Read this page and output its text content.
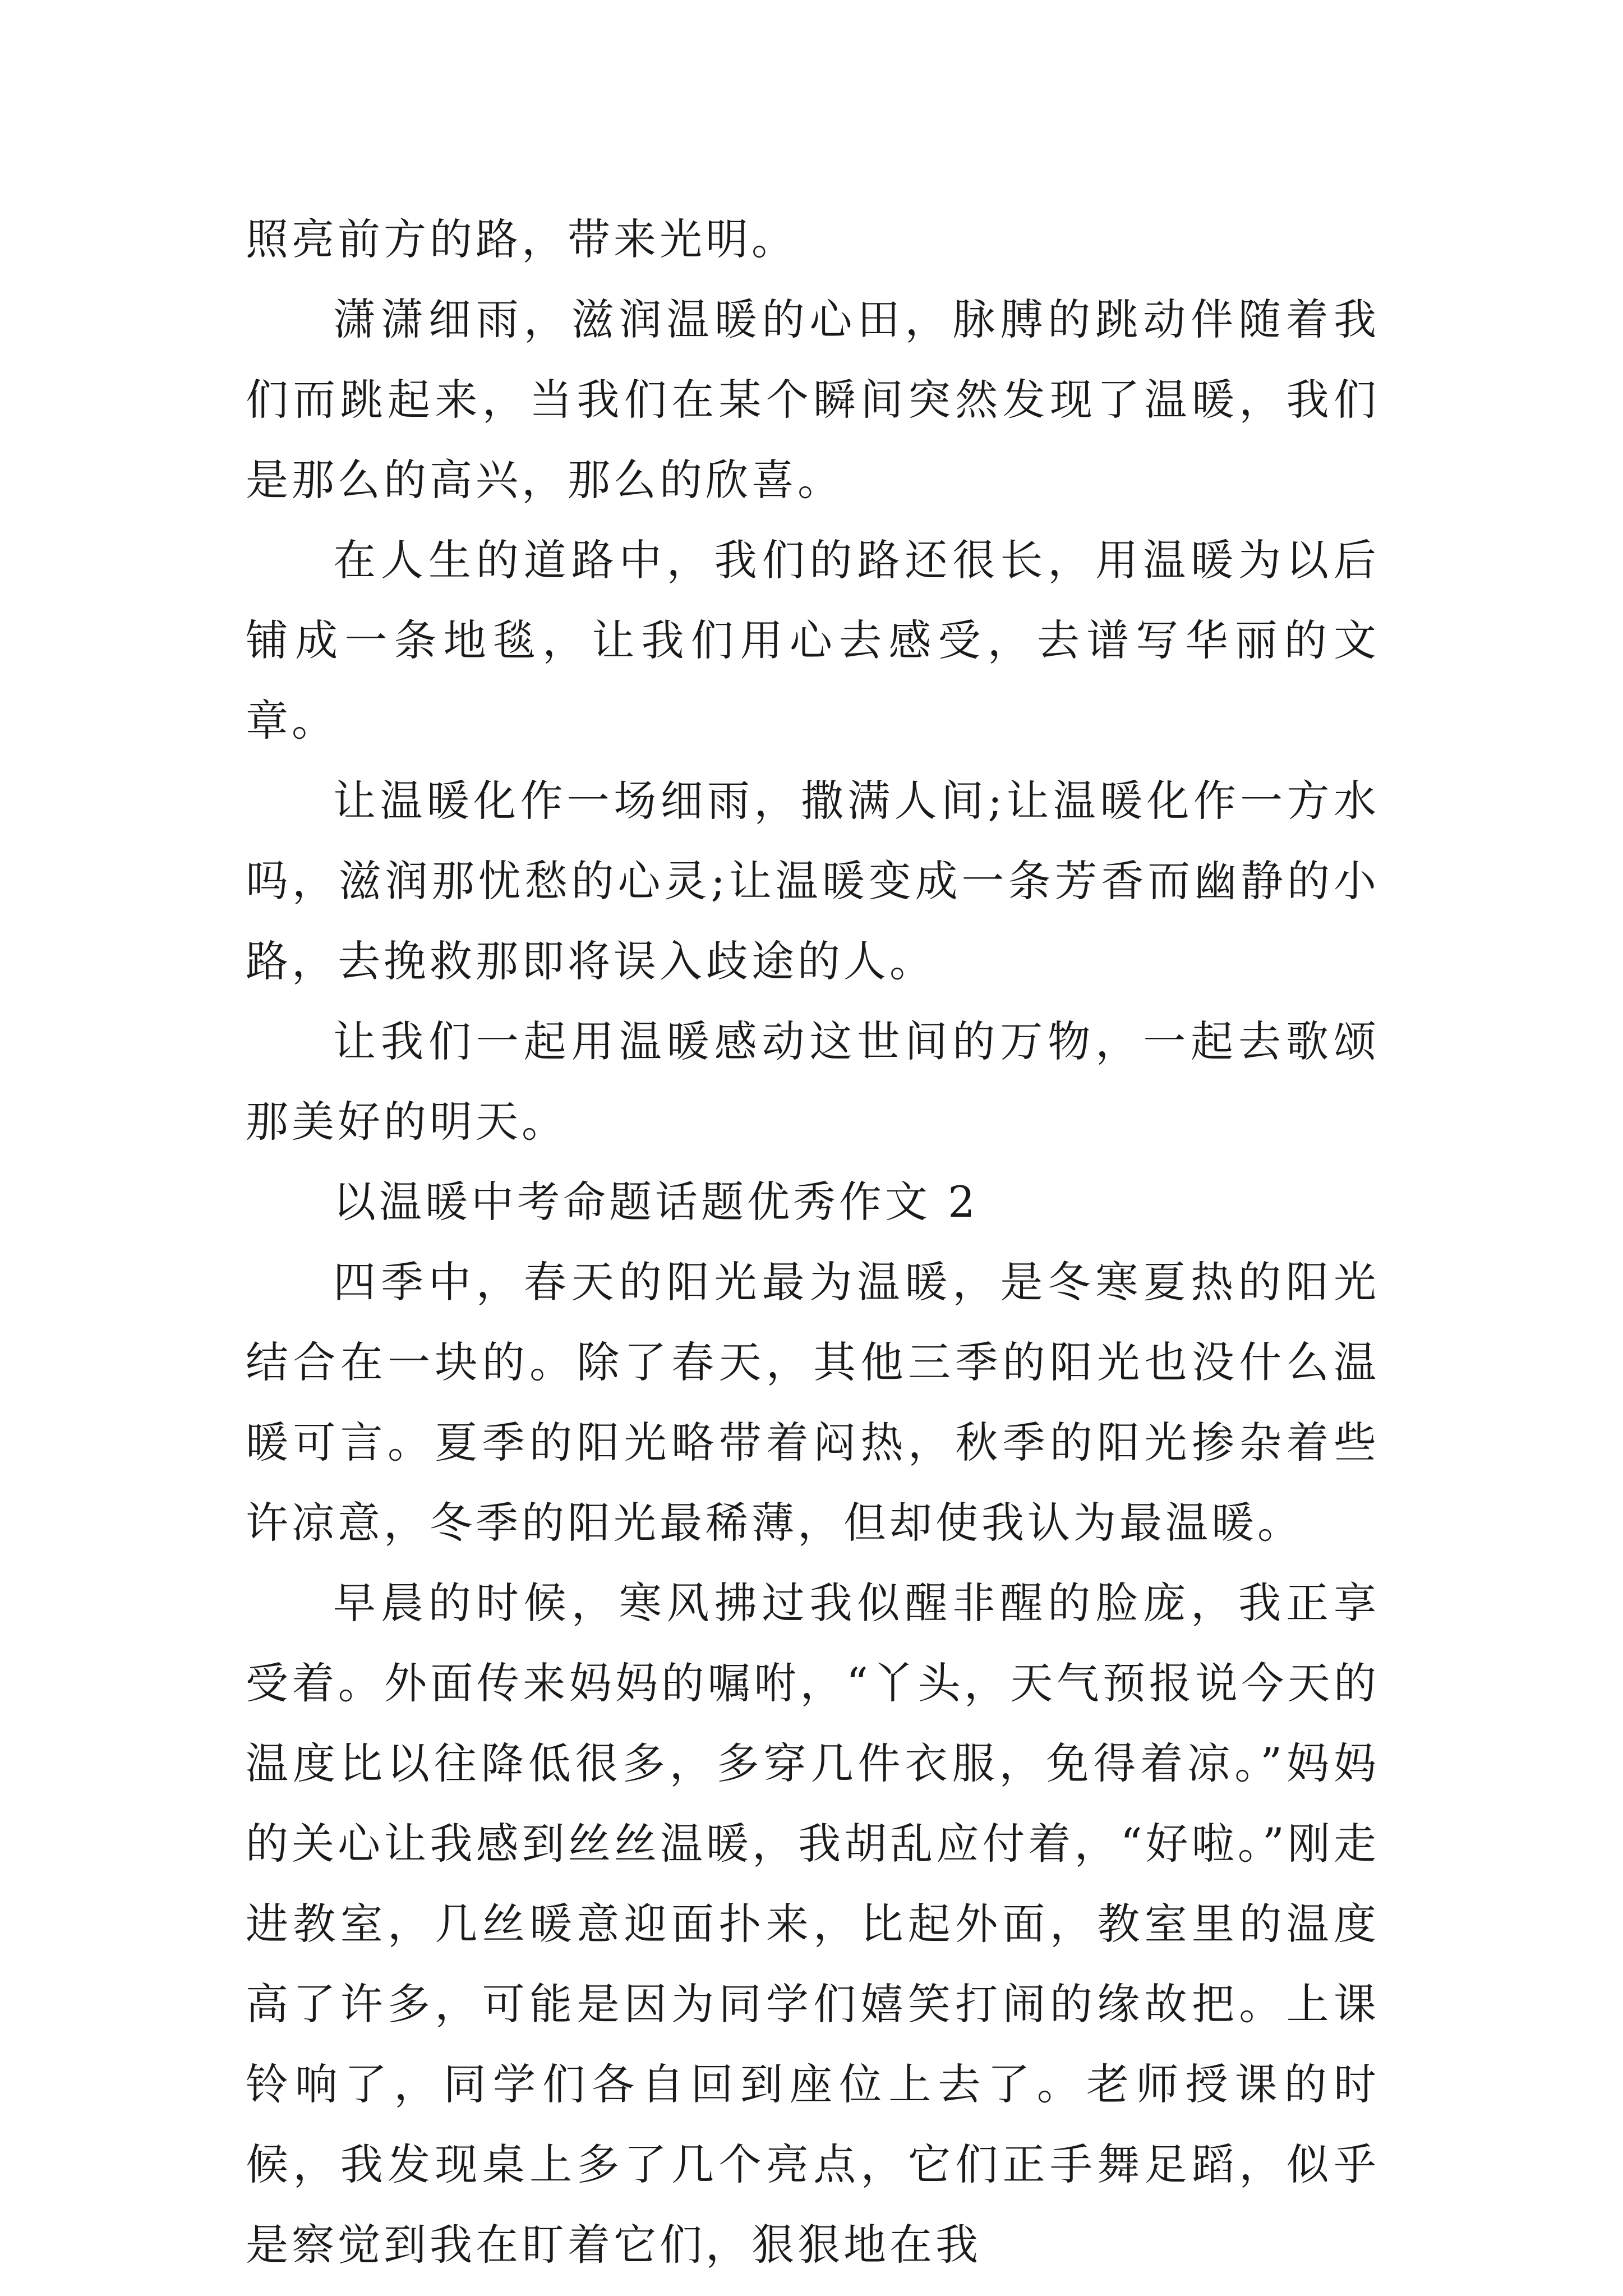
照亮前方的路，带来光明。

潇潇细雨，滋润温暖的心田，脉膊的跳动伴随着我们而跳起来，当我们在某个瞬间突然发现了温暖，我们是那么的高兴，那么的欣喜。

在人生的道路中，我们的路还很长，用温暖为以后铺成一条地毯，让我们用心去感受，去谱写华丽的文章。

让温暖化作一场细雨，撒满人间;让温暖化作一方水吗，滋润那忧愁的心灵;让温暖变成一条芳香而幽静的小路，去挽救那即将误入歧途的人。

让我们一起用温暖感动这世间的万物，一起去歌颂那美好的明天。

以温暖中考命题话题优秀作文 2

四季中，春天的阳光最为温暖，是冬寒夏热的阳光结合在一块的。除了春天，其他三季的阳光也没什么温暖可言。夏季的阳光略带着闷热，秋季的阳光掺杂着些许凉意，冬季的阳光最稀薄，但却使我认为最温暖。

早晨的时候，寒风拂过我似醒非醒的脸庞，我正享受着。外面传来妈妈的嘱咐，“丫头，天气预报说今天的温度比以往降低很多，多穿几件衣服，免得着凉。”妈妈的关心让我感到丝丝温暖，我胡乱应付着，“好啦。”刚走进教室，几丝暖意迎面扑来，比起外面，教室里的温度高了许多，可能是因为同学们嬉笑打闹的缘故把。上课铃响了，同学们各自回到座位上去了。老师授课的时候，我发现桌上多了几个亮点，它们正手舞足蹈，似乎是察觉到我在盯着它们，狠狠地在我
